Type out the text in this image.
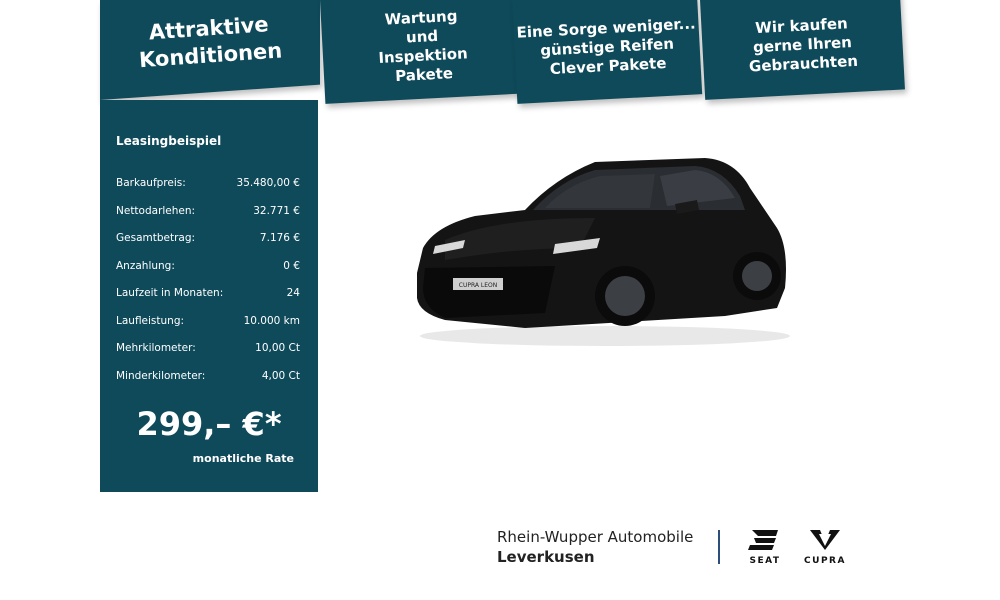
Attraktive
Konditionen
Wartung
und
Inspektion
Pakete
Eine Sorge weniger...
günstige Reifen
Clever Pakete
Wir kaufen
gerne Ihren
Gebrauchten
Leasingbeispiel
Barkaufpreis:	35.480,00 €
Nettodarlehen:	32.771 €
Gesamtbetrag:	7.176 €
Anzahlung:	0 €
Laufzeit in Monaten:	24
Laufleistung:	10.000 km
Mehrkilometer:	10,00 Ct
Minderkilometer:	4,00 Ct
299,– €*
monatliche Rate
CUPRA LEON
Rhein-Wupper Automobile
Leverkusen	SEAT	CUPRA
